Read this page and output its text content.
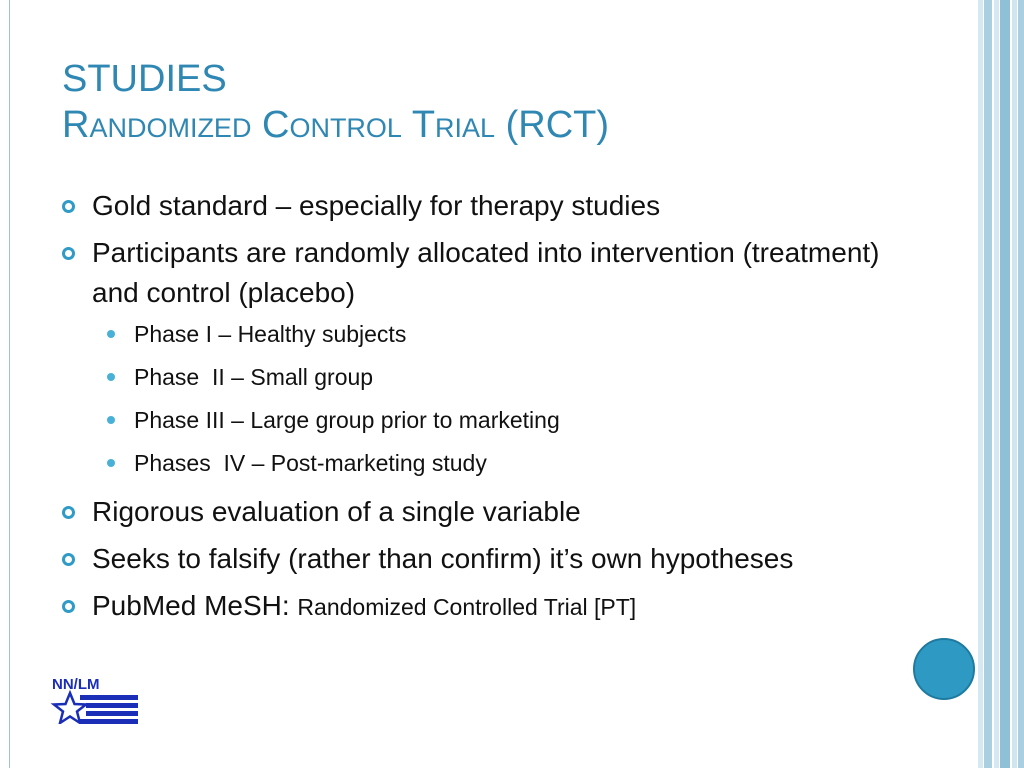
STUDIES
Randomized Control Trial (RCT)

Gold standard – especially for therapy studies

Participants are randomly allocated into intervention (treatment) and control (placebo)

Phase I – Healthy subjects

Phase  II – Small group

Phase III – Large group prior to marketing

Phases  IV – Post-marketing study

Rigorous evaluation of a single variable

Seeks to falsify (rather than confirm) it’s own hypotheses

PubMed MeSH: Randomized Controlled Trial [PT]

NN/LM
